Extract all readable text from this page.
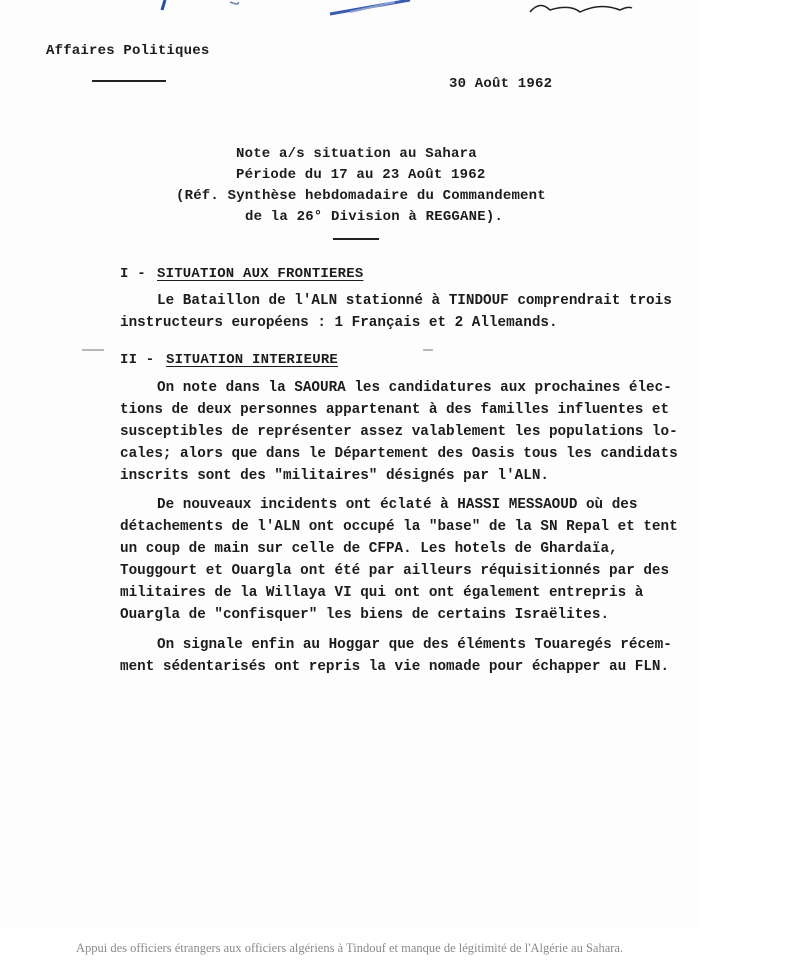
Affaires Politiques
30 Août 1962
Note a/s situation au Sahara
Période du 17 au 23 Août 1962
(Réf. Synthèse hebdomadaire du Commandement
de la 26° Division à REGGANE).
I - SITUATION AUX FRONTIERES
Le Bataillon de l'ALN stationné à TINDOUF comprendrait trois
instructeurs européens : 1 Français et 2 Allemands.
II - SITUATION INTERIEURE
On note dans la SAOURA les candidatures aux prochaines élec-
tions de deux personnes appartenant à des familles influentes et
susceptibles de représenter assez valablement les populations lo-
cales; alors que dans le Département des Oasis tous les candidats
inscrits sont des "militaires" désignés par l'ALN.
De nouveaux incidents ont éclaté à HASSI MESSAOUD où des
détachements de l'ALN ont occupé la "base" de la SN Repal et tent
un coup de main sur celle de CFPA. Les hotels de Ghardaïa,
Touggourt et Ouargla ont été par ailleurs réquisitionnés par des
militaires de la Willaya VI qui ont ont également entrepris à
Ouargla de "confisquer" les biens de certains Israëlites.
On signale enfin au Hoggar que des éléments Touaregés récem-
ment sédentarisés ont repris la vie nomade pour échapper au FLN.
Appui des officiers étrangers aux officiers algériens à Tindouf et manque de légitimité de l'Algérie au Sahara.
